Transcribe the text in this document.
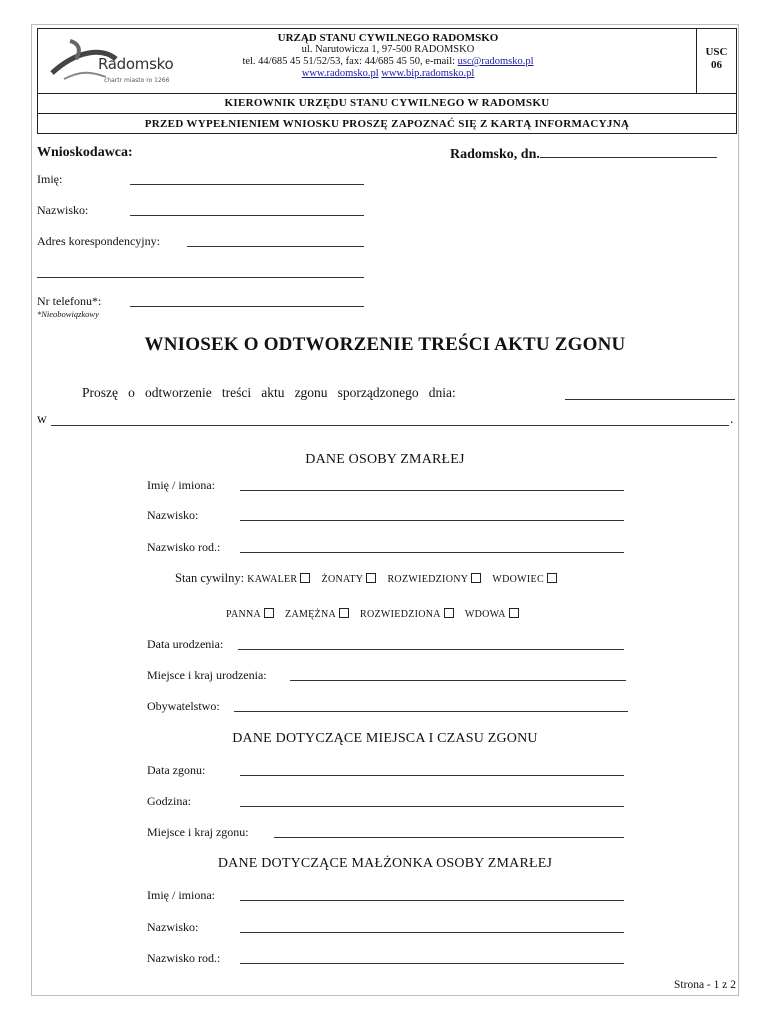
Radomsko
chartr miasto ro 1266
URZĄD STANU CYWILNEGO RADOMSKO
ul. Narutowicza 1, 97-500 RADOMSKO
tel. 44/685 45 51/52/53, fax: 44/685 45 50, e-mail: usc@radomsko.pl
www.radomsko.pl www.bip.radomsko.pl
USC
06
KIEROWNIK URZĘDU STANU CYWILNEGO W RADOMSKU
PRZED WYPEŁNIENIEM WNIOSKU PROSZĘ ZAPOZNAĆ SIĘ Z KARTĄ INFORMACYJNĄ
Wnioskodawca:	Radomsko, dn.
Imię:
Nazwisko:
Adres korespondencyjny:
Nr telefonu*:
*Nieobowiązkowy
WNIOSEK O ODTWORZENIE TREŚCI AKTU ZGONU
Proszę   o   odtworzenie   treści   aktu   zgonu   sporządzonego   dnia:
w	.
DANE OSOBY ZMARŁEJ
Imię / imiona:
Nazwisko:
Nazwisko rod.:
Stan cywilny: KAWALER ŻONATY ROZWIEDZIONY WDOWIEC
PANNA ZAMĘŻNA ROZWIEDZIONA WDOWA
Data urodzenia:
Miejsce i kraj urodzenia:
Obywatelstwo:
DANE DOTYCZĄCE MIEJSCA I CZASU ZGONU
Data zgonu:
Godzina:
Miejsce i kraj zgonu:
DANE DOTYCZĄCE MAŁŻONKA OSOBY ZMARŁEJ
Imię / imiona:
Nazwisko:
Nazwisko rod.:
Strona - 1 z 2
